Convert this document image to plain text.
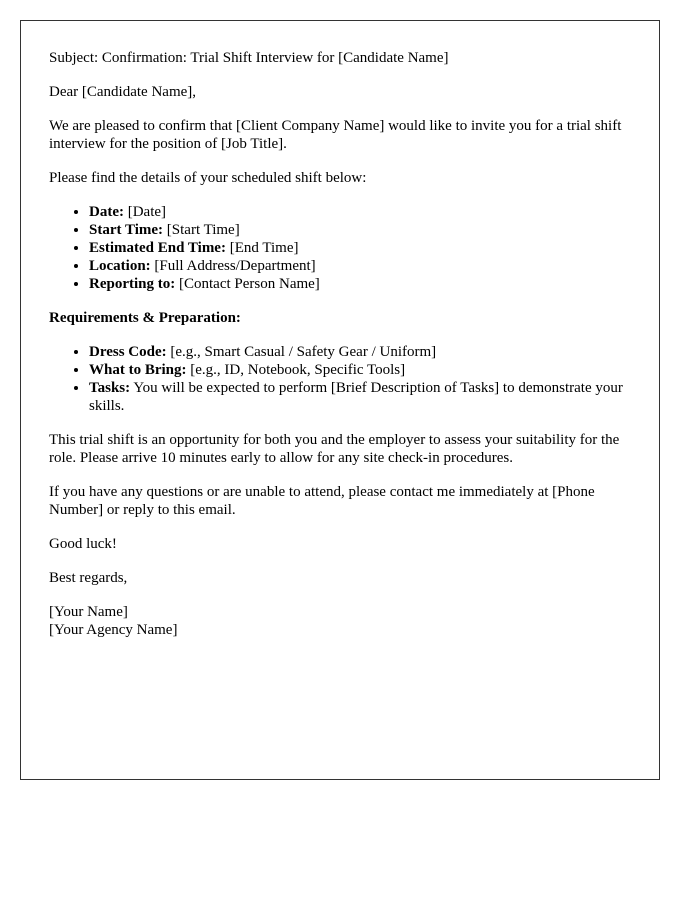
Subject: Confirmation: Trial Shift Interview for [Candidate Name]

Dear [Candidate Name],

We are pleased to confirm that [Client Company Name] would like to invite you for a trial shift interview for the position of [Job Title].

Please find the details of your scheduled shift below:

• Date: [Date]
• Start Time: [Start Time]
• Estimated End Time: [End Time]
• Location: [Full Address/Department]
• Reporting to: [Contact Person Name]

Requirements & Preparation:

• Dress Code: [e.g., Smart Casual / Safety Gear / Uniform]
• What to Bring: [e.g., ID, Notebook, Specific Tools]
• Tasks: You will be expected to perform [Brief Description of Tasks] to demonstrate your skills.

This trial shift is an opportunity for both you and the employer to assess your suitability for the role. Please arrive 10 minutes early to allow for any site check-in procedures.

If you have any questions or are unable to attend, please contact me immediately at [Phone Number] or reply to this email.

Good luck!

Best regards,

[Your Name]

[Your Agency Name]
